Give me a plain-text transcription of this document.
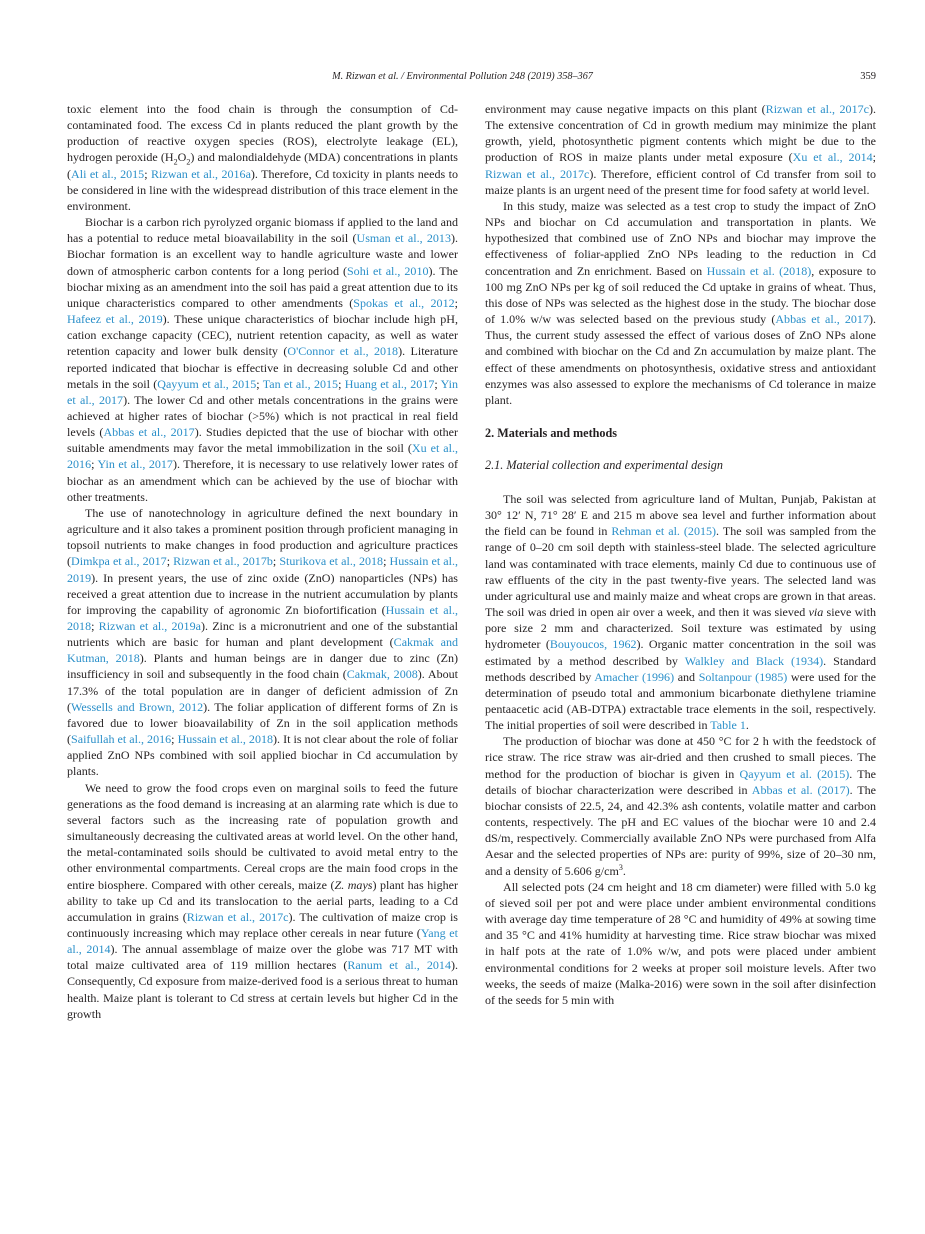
M. Rizwan et al. / Environmental Pollution 248 (2019) 358–367	359

toxic element into the food chain is through the consumption of Cd-contaminated food. The excess Cd in plants reduced the plant growth by the production of reactive oxygen species (ROS), electrolyte leakage (EL), hydrogen peroxide $(H_2O_2)$ and malondialdehyde (MDA) concentrations in plants (Ali et al., 2015; Rizwan et al., 2016a). Therefore, Cd toxicity in plants needs to be considered in line with the widespread distribution of this trace element in the environment.

Biochar is a carbon rich pyrolyzed organic biomass if applied to the land and has a potential to reduce metal bioavailability in the soil (Usman et al., 2013). Biochar formation is an excellent way to handle agriculture waste and lower down of atmospheric carbon contents for a long period (Sohi et al., 2010). The biochar mixing as an amendment into the soil has paid a great attention due to its unique characteristics compared to other amendments (Spokas et al., 2012; Hafeez et al., 2019). These unique characteristics of biochar include high pH, cation exchange capacity (CEC), nutrient retention capacity, as well as water retention capacity and lower bulk density (O'Connor et al., 2018). Literature reported indicated that biochar is effective in decreasing soluble Cd and other metals in the soil (Qayyum et al., 2015; Tan et al., 2015; Huang et al., 2017; Yin et al., 2017). The lower Cd and other metals concentrations in the grains were achieved at higher rates of biochar (>5%) which is not practical in real field levels (Abbas et al., 2017). Studies depicted that the use of biochar with other suitable amendments may favor the metal immobilization in the soil (Xu et al., 2016; Yin et al., 2017). Therefore, it is necessary to use relatively lower rates of biochar as an amendment which can be achieved by the use of biochar with other treatments.

The use of nanotechnology in agriculture defined the next boundary in agriculture and it also takes a prominent position through proficient managing in topsoil nutrients to make changes in food production and agriculture practices (Dimkpa et al., 2017; Rizwan et al., 2017b; Sturikova et al., 2018; Hussain et al., 2019). In present years, the use of zinc oxide (ZnO) nanoparticles (NPs) has received a great attention due to increase in the nutrient accumulation by plants for improving the capability of agronomic Zn biofortification (Hussain et al., 2018; Rizwan et al., 2019a). Zinc is a micronutrient and one of the substantial nutrients which are basic for human and plant development (Cakmak and Kutman, 2018). Plants and human beings are in danger due to zinc (Zn) insufficiency in soil and subsequently in the food chain (Cakmak, 2008). About 17.3% of the total population are in danger of deficient admission of Zn (Wessells and Brown, 2012). The foliar application of different forms of Zn is favored due to lower bioavailability of Zn in the soil application methods (Saifullah et al., 2016; Hussain et al., 2018). It is not clear about the role of foliar applied ZnO NPs combined with soil applied biochar in Cd accumulation by plants.

We need to grow the food crops even on marginal soils to feed the future generations as the food demand is increasing at an alarming rate which is due to several factors such as the increasing rate of population growth and simultaneously decreasing the cultivated areas at world level. On the other hand, the metal-contaminated soils should be cultivated to avoid metal entry to the other environmental compartments. Cereal crops are the main food crops in the entire biosphere. Compared with other cereals, maize (Z. mays) plant has higher ability to take up Cd and its translocation to the aerial parts, leading to a Cd accumulation in grains (Rizwan et al., 2017c). The cultivation of maize crop is continuously increasing which may replace other cereals in near future (Yang et al., 2014). The annual assemblage of maize over the globe was 717 MT with total maize cultivated area of 119 million hectares (Ranum et al., 2014). Consequently, Cd exposure from maize-derived food is a serious threat to human health. Maize plant is tolerant to Cd stress at certain levels but higher Cd in the growth

environment may cause negative impacts on this plant (Rizwan et al., 2017c). The extensive concentration of Cd in growth medium may minimize the plant growth, yield, photosynthetic pigment contents which might be due to the production of ROS in maize plants under metal exposure (Xu et al., 2014; Rizwan et al., 2017c). Therefore, efficient control of Cd transfer from soil to maize plants is an urgent need of the present time for food safety at world level.

In this study, maize was selected as a test crop to study the impact of ZnO NPs and biochar on Cd accumulation and transportation in plants. We hypothesized that combined use of ZnO NPs and biochar may improve the effectiveness of foliar-applied ZnO NPs leading to the reduction in Cd concentration and Zn enrichment. Based on Hussain et al. (2018), exposure to 100 mg ZnO NPs per kg of soil reduced the Cd uptake in grains of wheat. Thus, this dose of NPs was selected as the highest dose in the study. The biochar dose of 1.0% w/w was selected based on the previous study (Abbas et al., 2017). Thus, the current study assessed the effect of various doses of ZnO NPs alone and combined with biochar on the Cd and Zn accumulation by maize plant. The effect of these amendments on photosynthesis, oxidative stress and antioxidant enzymes was also assessed to explore the mechanisms of Cd tolerance in maize plant.

2. Materials and methods
2.1. Material collection and experimental design

The soil was selected from agriculture land of Multan, Punjab, Pakistan at 30° 12′ N, 71° 28′ E and 215 m above sea level and further information about the field can be found in Rehman et al. (2015). The soil was sampled from the range of 0–20 cm soil depth with stainless-steel blade. The selected agriculture land was contaminated with trace elements, mainly Cd due to continuous use of raw effluents of the city in the past twenty-five years. The selected land was under agricultural use and mainly maize and wheat crops are grown in that areas. The soil was dried in open air over a week, and then it was sieved via sieve with pore size 2 mm and characterized. Soil texture was estimated by using hydrometer (Bouyoucos, 1962). Organic matter concentration in the soil was estimated by a method described by Walkley and Black (1934). Standard methods described by Amacher (1996) and Soltanpour (1985) were used for the determination of pseudo total and ammonium bicarbonate diethylene triamine pentaacetic acid (AB-DTPA) extractable trace elements in the soil, respectively. The initial properties of soil were described in Table 1.

The production of biochar was done at 450 °C for 2 h with the feedstock of rice straw. The rice straw was air-dried and then crushed to small pieces. The method for the production of biochar is given in Qayyum et al. (2015). The details of biochar characterization were described in Abbas et al. (2017). The biochar consists of 22.5, 24, and 42.3% ash contents, volatile matter and carbon contents, respectively. The pH and EC values of the biochar were 10 and 2.4 dS/m, respectively. Commercially available ZnO NPs were purchased from Alfa Aesar and the selected properties of NPs are: purity of 99%, size of 20–30 nm, and a density of 5.606 $g/cm^3$.

All selected pots (24 cm height and 18 cm diameter) were filled with 5.0 kg of sieved soil per pot and were place under ambient environmental conditions with average day time temperature of 28 °C and humidity of 49% at sowing time and 35 °C and 41% humidity at harvesting time. Rice straw biochar was mixed in half pots at the rate of 1.0% w/w, and pots were placed under ambient environmental conditions for 2 weeks at proper soil moisture levels. After two weeks, the seeds of maize (Malka-2016) were sown in the soil after disinfection of the seeds for 5 min with
